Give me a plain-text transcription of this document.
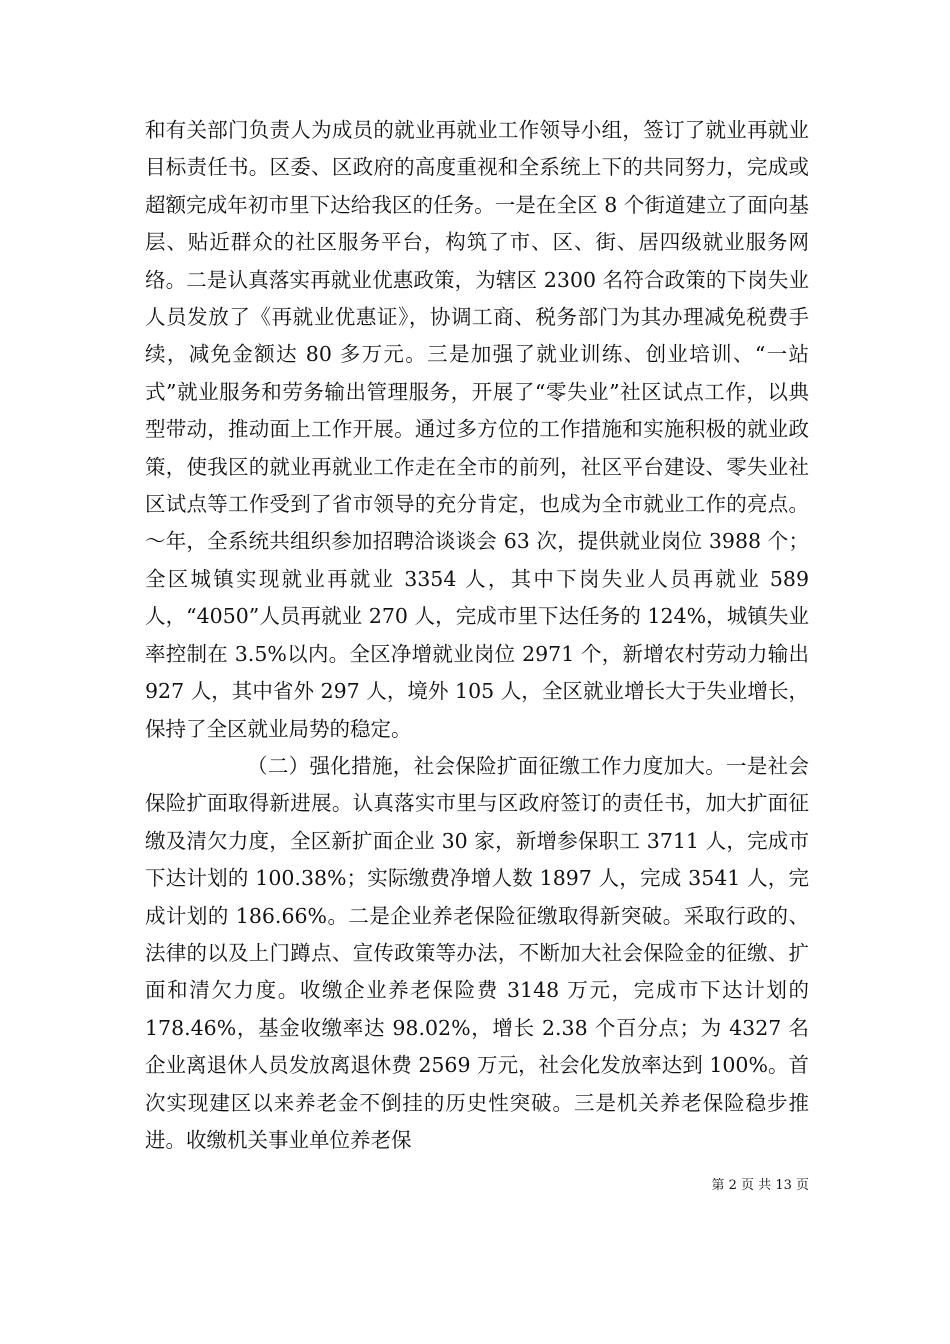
和有关部门负责人为成员的就业再就业工作领导小组，签订了就业再就业目标责任书。区委、区政府的高度重视和全系统上下的共同努力，完成或超额完成年初市里下达给我区的任务。一是在全区 8 个街道建立了面向基层、贴近群众的社区服务平台，构筑了市、区、街、居四级就业服务网络。二是认真落实再就业优惠政策，为辖区 2300 名符合政策的下岗失业人员发放了《再就业优惠证》，协调工商、税务部门为其办理减免税费手续，减免金额达 80 多万元。三是加强了就业训练、创业培训、“一站式”就业服务和劳务输出管理服务，开展了“零失业”社区试点工作，以典型带动，推动面上工作开展。通过多方位的工作措施和实施积极的就业政策，使我区的就业再就业工作走在全市的前列，社区平台建设、零失业社区试点等工作受到了省市领导的充分肯定，也成为全市就业工作的亮点。～年，全系统共组织参加招聘洽谈谈会 63 次，提供就业岗位 3988 个；全区城镇实现就业再就业 3354 人，其中下岗失业人员再就业 589 人，“4050”人员再就业 270 人，完成市里下达任务的 124%，城镇失业率控制在 3.5%以内。全区净增就业岗位 2971 个，新增农村劳动力输出 927 人，其中省外 297 人，境外 105 人，全区就业增长大于失业增长，保持了全区就业局势的稳定。

（二）强化措施，社会保险扩面征缴工作力度加大。一是社会保险扩面取得新进展。认真落实市里与区政府签订的责任书，加大扩面征缴及清欠力度，全区新扩面企业 30 家，新增参保职工 3711 人，完成市下达计划的 100.38%；实际缴费净增人数 1897 人，完成 3541 人，完成计划的 186.66%。二是企业养老保险征缴取得新突破。采取行政的、法律的以及上门蹲点、宣传政策等办法，不断加大社会保险金的征缴、扩面和清欠力度。收缴企业养老保险费 3148 万元，完成市下达计划的 178.46%，基金收缴率达 98.02%，增长 2.38 个百分点；为 4327 名企业离退休人员发放离退休费 2569 万元，社会化发放率达到 100%。首次实现建区以来养老金不倒挂的历史性突破。三是机关养老保险稳步推进。收缴机关事业单位养老保

第 2 页 共 13 页
